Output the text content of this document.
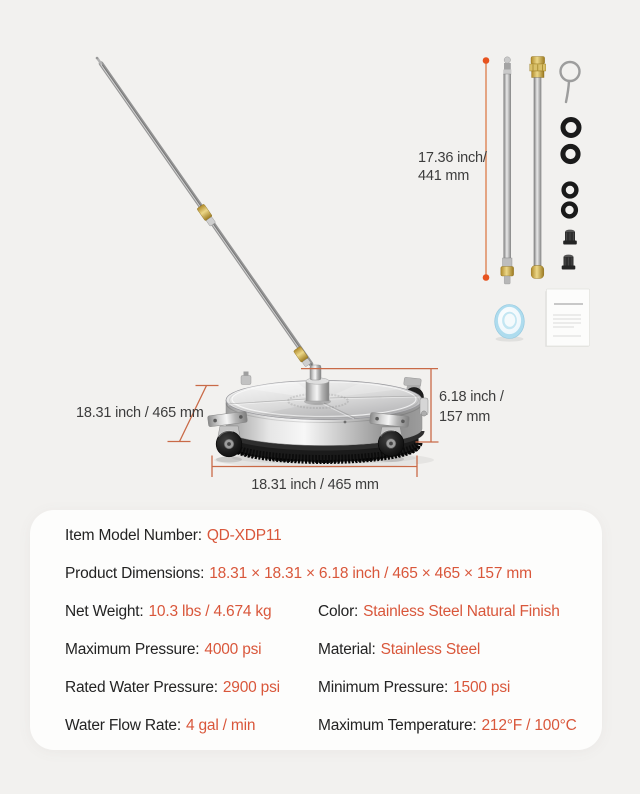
17.36 inch/
441 mm
18.31 inch / 465 mm
6.18 inch /
157 mm
18.31 inch / 465 mm
Item Model Number: QD-XDP11
Product Dimensions: 18.31 × 18.31 × 6.18 inch / 465 × 465 × 157 mm
Net Weight: 10.3 lbs / 4.674 kg	Color: Stainless Steel Natural Finish
Maximum Pressure: 4000 psi	Material: Stainless Steel
Rated Water Pressure: 2900 psi	Minimum Pressure: 1500 psi
Water Flow Rate: 4 gal / min	Maximum Temperature: 212°F / 100°C
